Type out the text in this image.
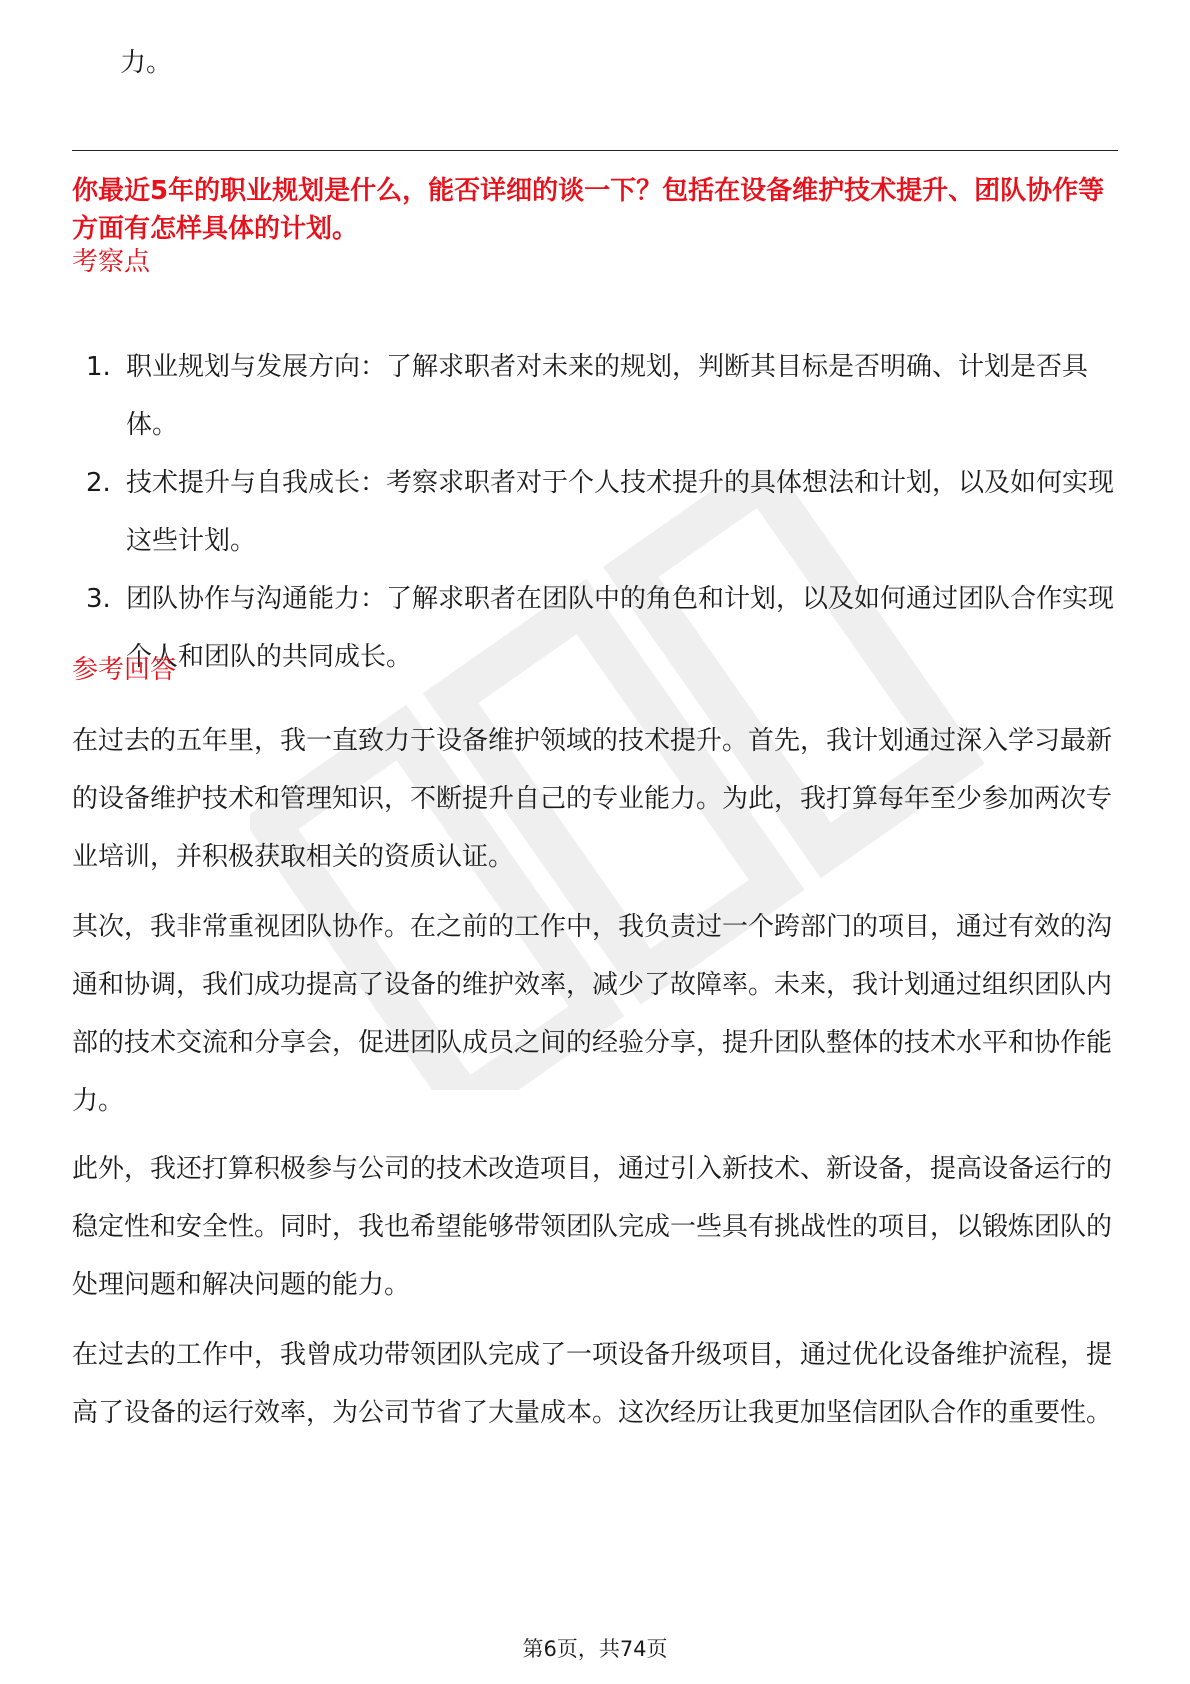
力。
你最近5年的职业规划是什么，能否详细的谈一下？包括在设备维护技术提升、团队协作等方面有怎样具体的计划。
考察点
1. 职业规划与发展方向：了解求职者对未来的规划，判断其目标是否明确、计划是否具体。
2. 技术提升与自我成长：考察求职者对于个人技术提升的具体想法和计划，以及如何实现这些计划。
3. 团队协作与沟通能力：了解求职者在团队中的角色和计划，以及如何通过团队合作实现个人和团队的共同成长。
参考回答

在过去的五年里，我一直致力于设备维护领域的技术提升。首先，我计划通过深入学习最新的设备维护技术和管理知识，不断提升自己的专业能力。为此，我打算每年至少参加两次专业培训，并积极获取相关的资质认证。

其次，我非常重视团队协作。在之前的工作中，我负责过一个跨部门的项目，通过有效的沟通和协调，我们成功提高了设备的维护效率，减少了故障率。未来，我计划通过组织团队内部的技术交流和分享会，促进团队成员之间的经验分享，提升团队整体的技术水平和协作能力。

此外，我还打算积极参与公司的技术改造项目，通过引入新技术、新设备，提高设备运行的稳定性和安全性。同时，我也希望能够带领团队完成一些具有挑战性的项目，以锻炼团队的处理问题和解决问题的能力。

在过去的工作中，我曾成功带领团队完成了一项设备升级项目，通过优化设备维护流程，提高了设备的运行效率，为公司节省了大量成本。这次经历让我更加坚信团队合作的重要性。

第6页，共74页
